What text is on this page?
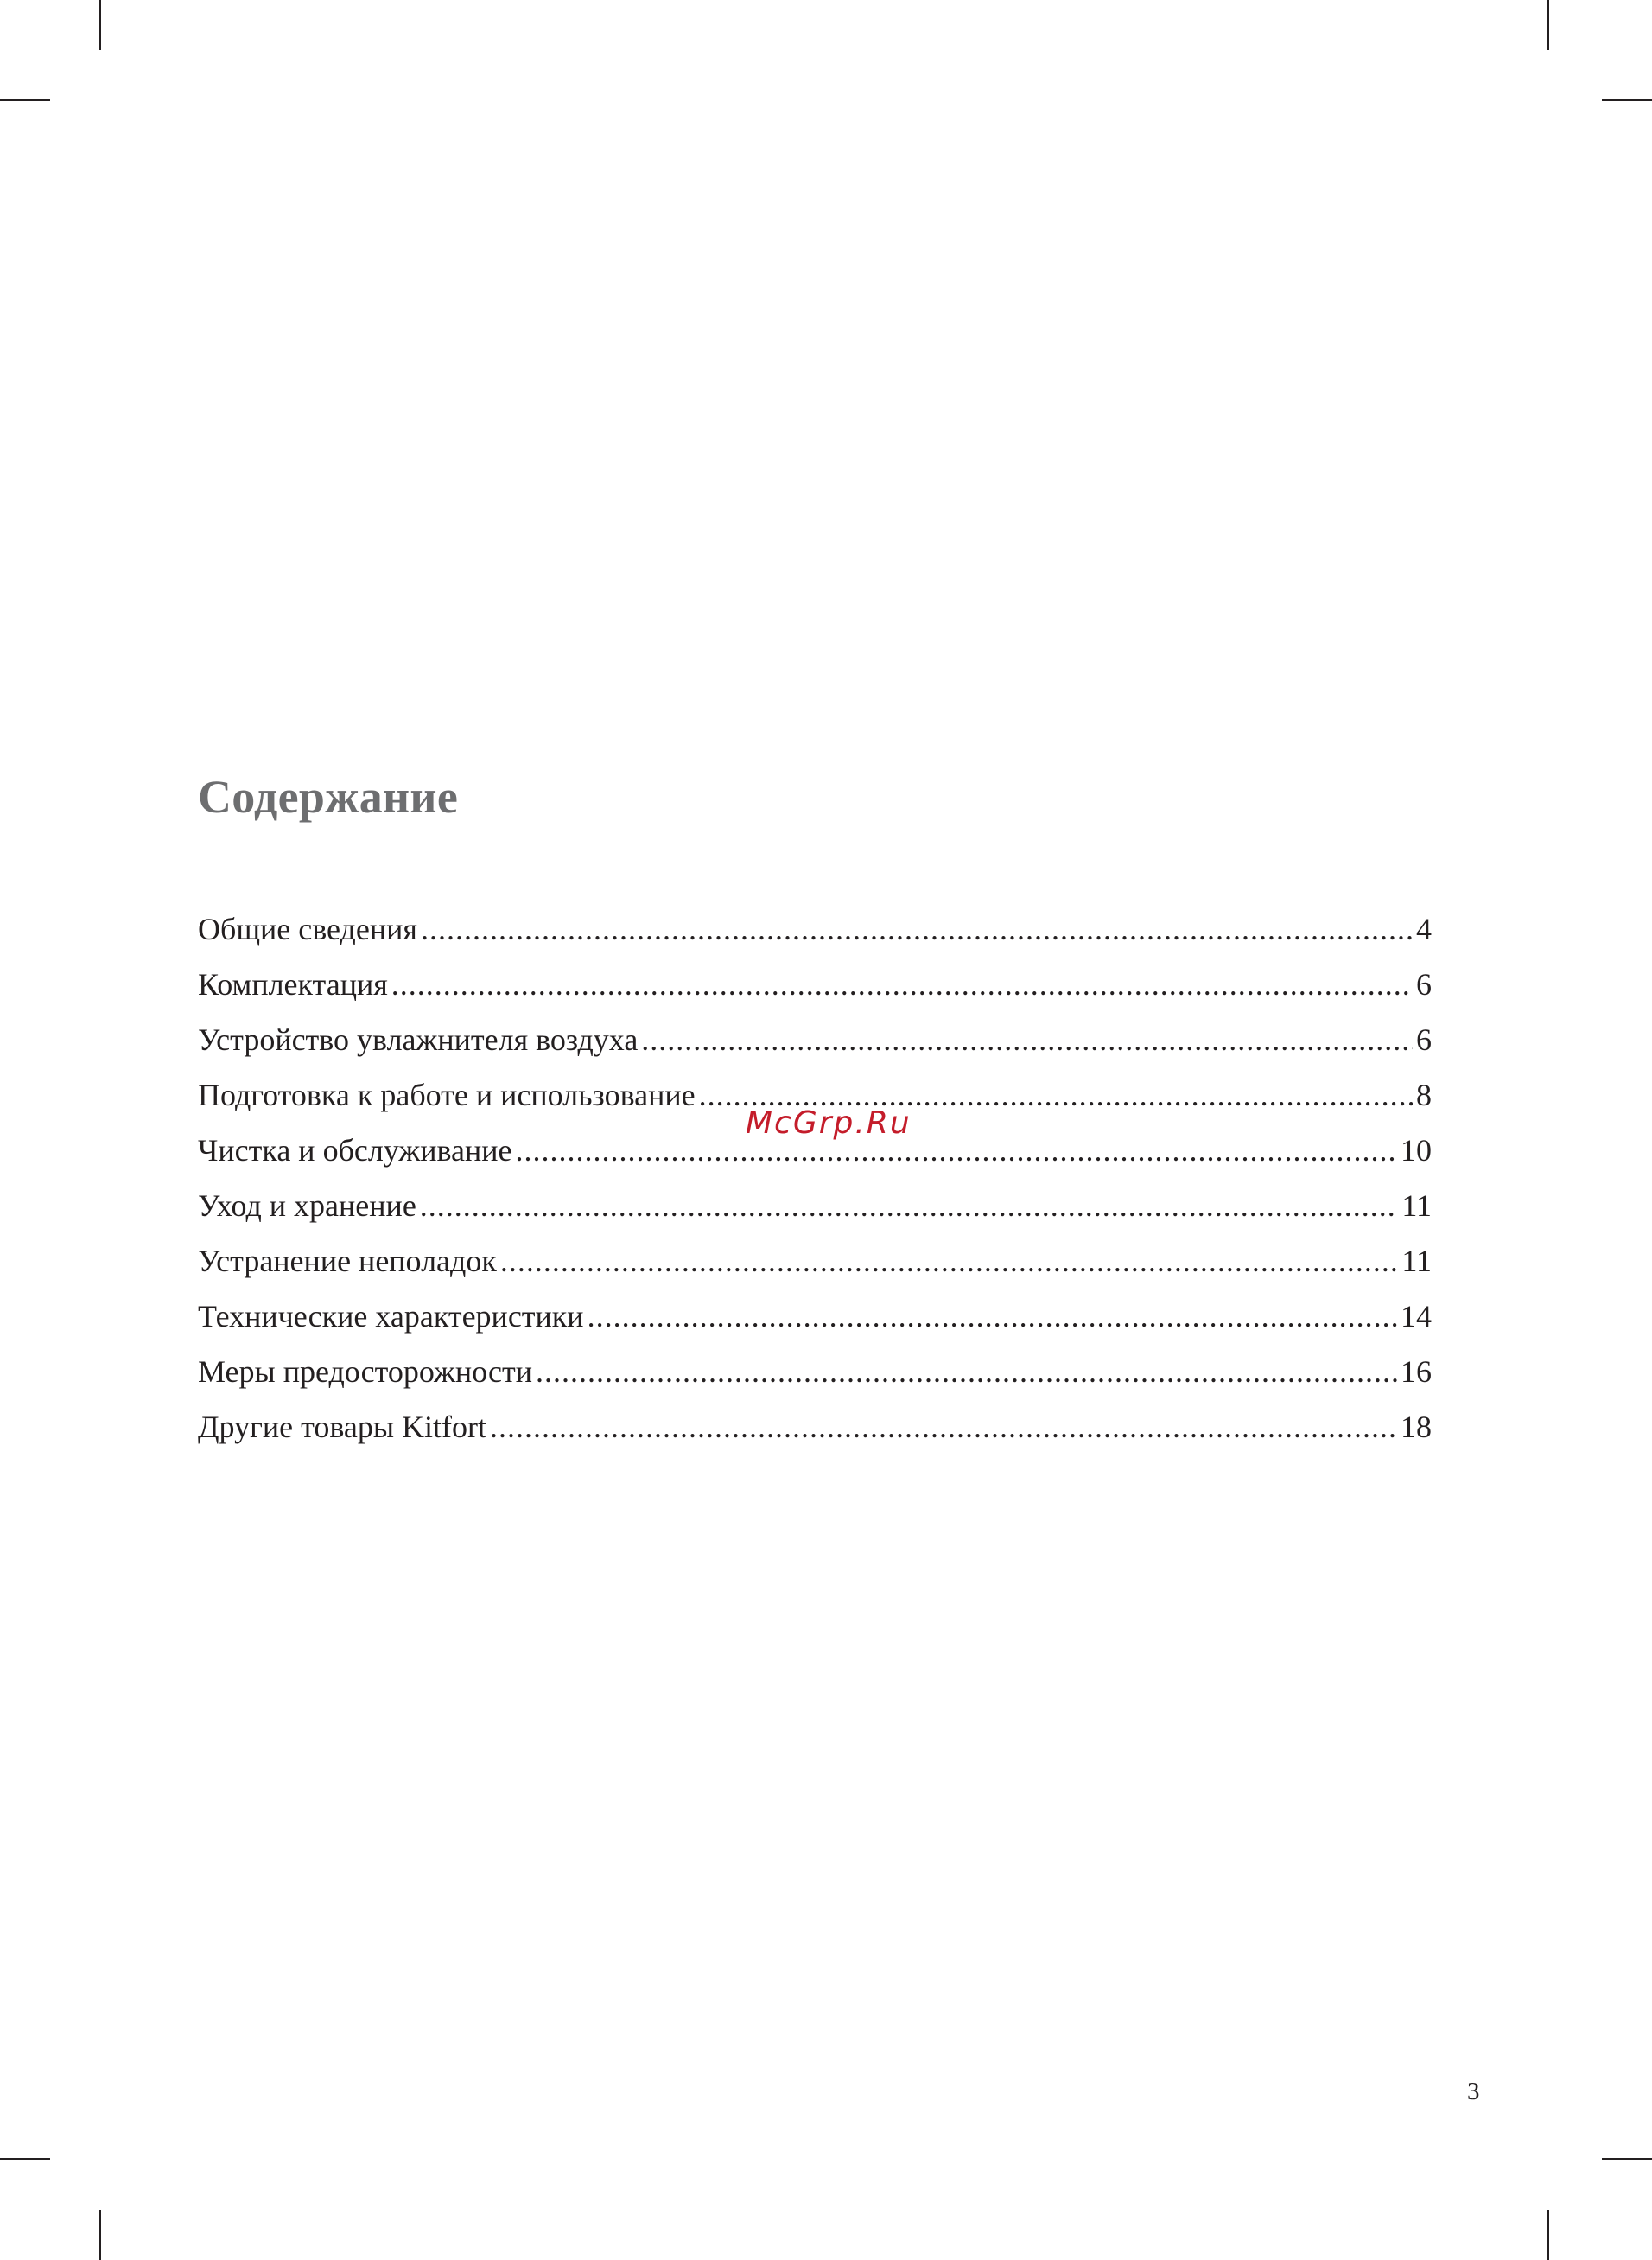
Содержание
Общие сведения .....	4
Комплектация .....	6
Устройство увлажнителя воздуха .....	6
Подготовка к работе и использование .....	8
Чистка и обслуживание .....	10
Уход и хранение .....	11
Устранение неполадок .....	11
Технические характеристики .....	14
Меры предосторожности .....	16
Другие товары Kitfort .....	18
McGrp.Ru
3
